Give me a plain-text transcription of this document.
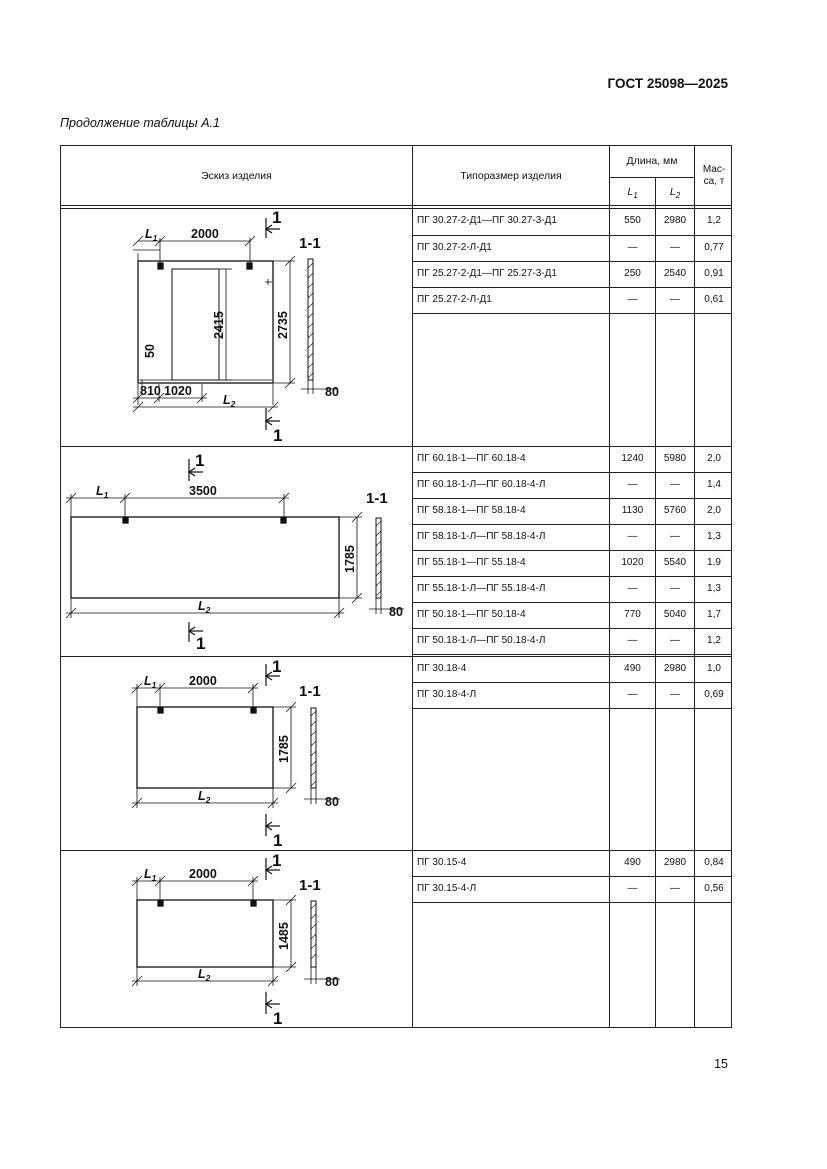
ГОСТ 25098—2025
Продолжение таблицы А.1
Эскиз изделия	Типоразмер изделия
Длина, мм
$L_1$	$L_2$
Мас-са, т
ПГ 30.27-2-Д1—ПГ 30.27-3-Д1	550	2980	1,2
ПГ 30.27-2-Л-Д1	—	—	0,77
ПГ 25.27-2-Д1—ПГ 25.27-3-Д1	250	2540	0,91
ПГ 25.27-2-Л-Д1	—	—	0,61
ПГ 60.18-1—ПГ 60.18-4	1240	5980	2,0
ПГ 60.18-1-Л—ПГ 60.18-4-Л	—	—	1,4
ПГ 58.18-1—ПГ 58.18-4	1130	5760	2,0
ПГ 58.18-1-Л—ПГ 58.18-4-Л	—	—	1,3
ПГ 55.18-1—ПГ 55.18-4	1020	5540	1,9
ПГ 55.18-1-Л—ПГ 55.18-4-Л	—	—	1,3
ПГ 50.18-1—ПГ 50.18-4	770	5040	1,7
ПГ 50.18-1-Л—ПГ 50.18-4-Л	—	—	1,2
ПГ 30.18-4	490	2980	1,0
ПГ 30.18-4-Л	—	—	0,69
ПГ 30.15-4	490	2980	0,84
ПГ 30.15-4-Л	—	—	0,56
1
1
1-1
2000
$L_1$
810 1020
$L_2$
2735
2415
50
80
1
1
1-1
3500
$L_1$
$L_2$
1785
80
1
1
1-1
2000
$L_1$
$L_2$
1785
80
1
1
1-1
2000
$L_1$
$L_2$
1485
80
15
